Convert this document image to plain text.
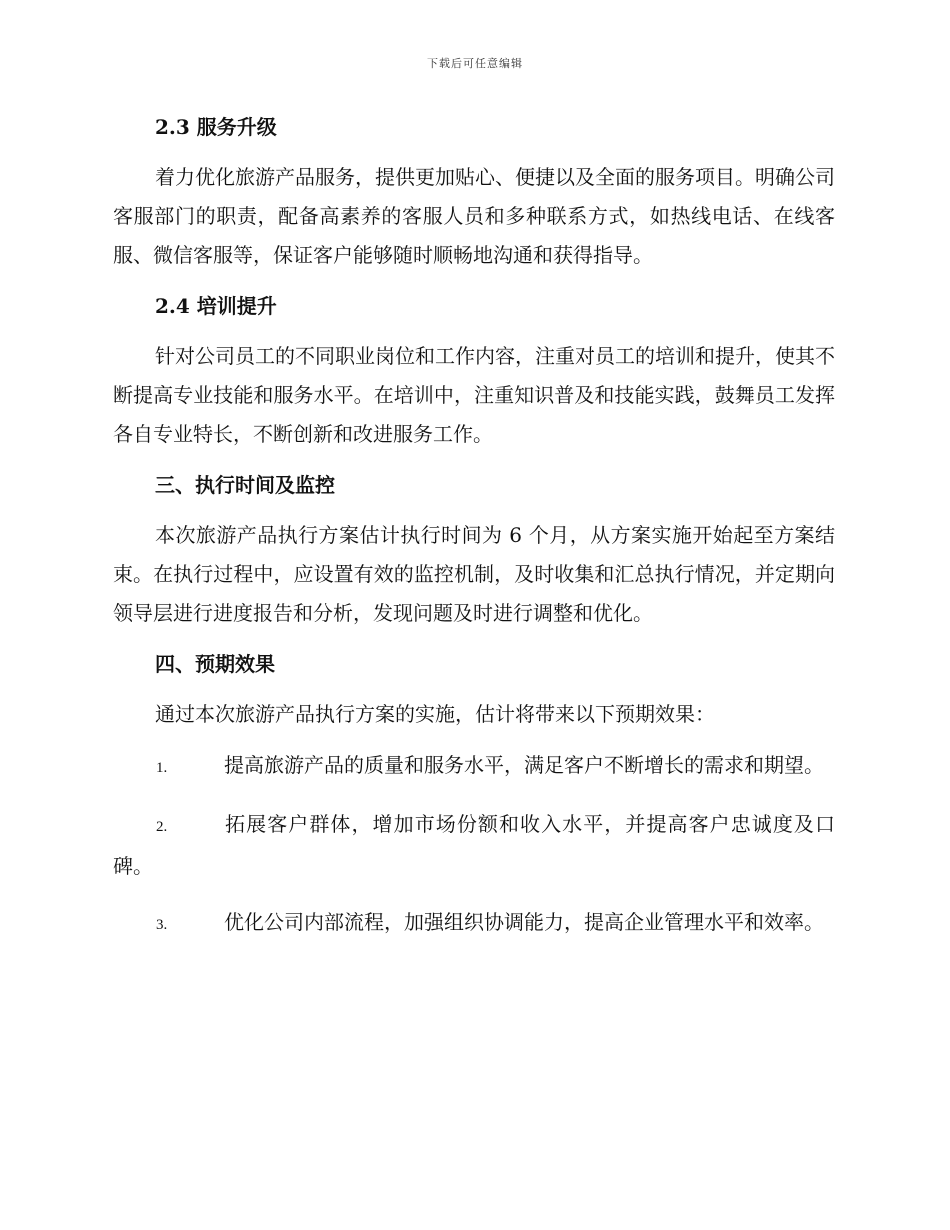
下载后可任意编辑
2.3 服务升级
着力优化旅游产品服务，提供更加贴心、便捷以及全面的服务项目。明确公司客服部门的职责，配备高素养的客服人员和多种联系方式，如热线电话、在线客服、微信客服等，保证客户能够随时顺畅地沟通和获得指导。
2.4 培训提升
针对公司员工的不同职业岗位和工作内容，注重对员工的培训和提升，使其不断提高专业技能和服务水平。在培训中，注重知识普及和技能实践，鼓舞员工发挥各自专业特长，不断创新和改进服务工作。
三、执行时间及监控
本次旅游产品执行方案估计执行时间为 6 个月，从方案实施开始起至方案结束。在执行过程中，应设置有效的监控机制，及时收集和汇总执行情况，并定期向领导层进行进度报告和分析，发现问题及时进行调整和优化。
四、预期效果
通过本次旅游产品执行方案的实施，估计将带来以下预期效果：
1.	提高旅游产品的质量和服务水平，满足客户不断增长的需求和期望。
2.	拓展客户群体，增加市场份额和收入水平，并提高客户忠诚度及口碑。
3.	优化公司内部流程，加强组织协调能力，提高企业管理水平和效率。
